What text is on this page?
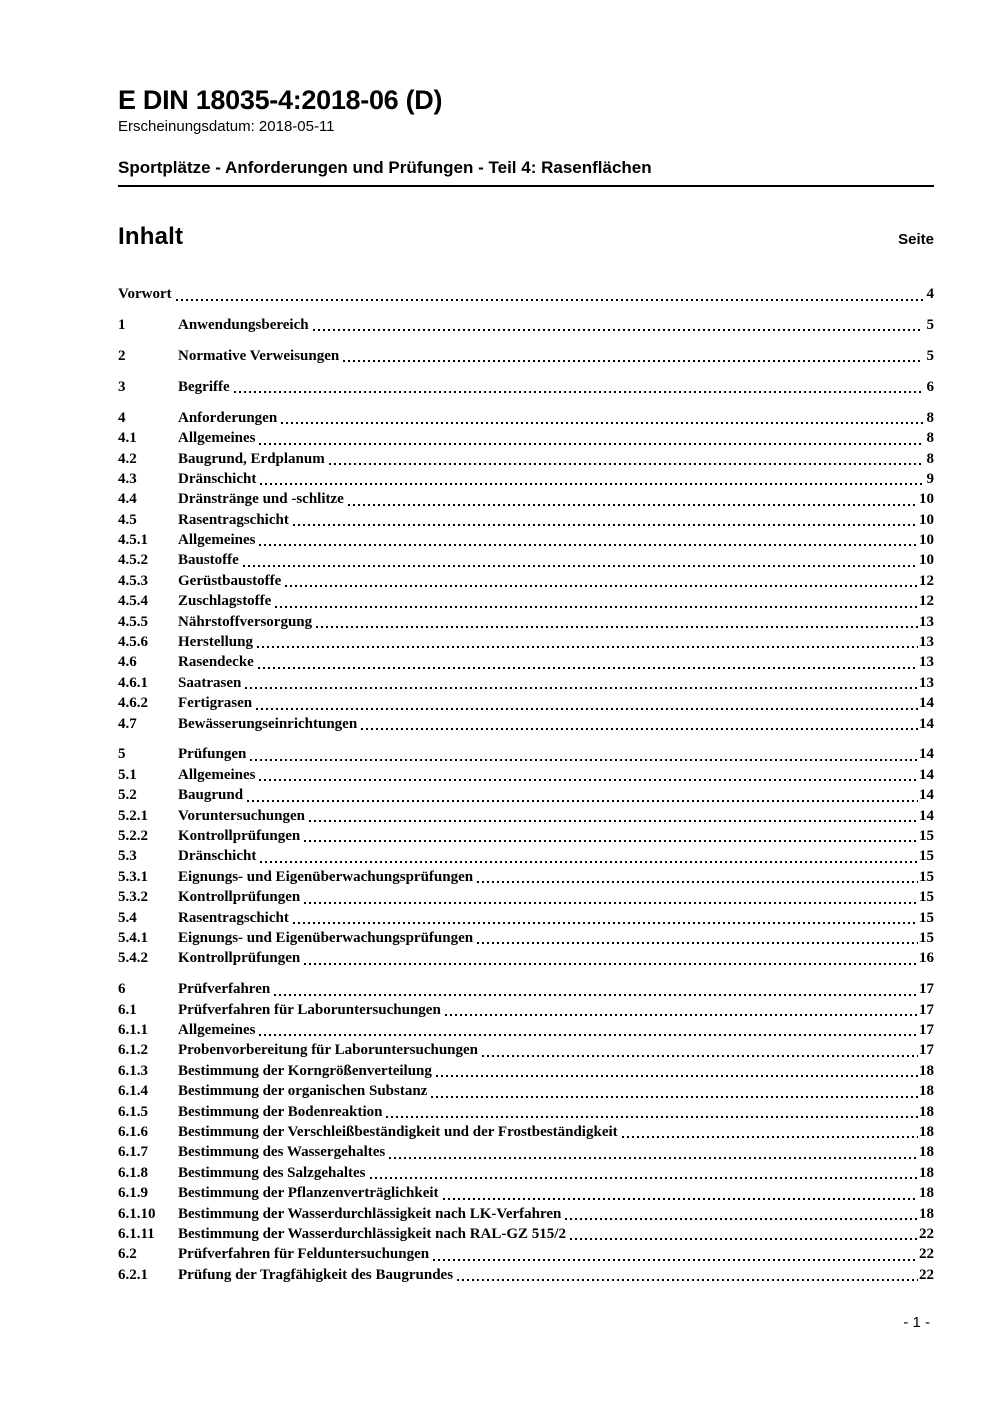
E DIN 18035-4:2018-06 (D)
Erscheinungsdatum: 2018-05-11
Sportplätze - Anforderungen und Prüfungen - Teil 4: Rasenflächen
Inhalt	Seite
Vorwort	4
1	Anwendungsbereich	5
2	Normative Verweisungen	5
3	Begriffe	6
4	Anforderungen	8
4.1	Allgemeines	8
4.2	Baugrund, Erdplanum	8
4.3	Dränschicht	9
4.4	Dränstränge und -schlitze	10
4.5	Rasentragschicht	10
4.5.1	Allgemeines	10
4.5.2	Baustoffe	10
4.5.3	Gerüstbaustoffe	12
4.5.4	Zuschlagstoffe	12
4.5.5	Nährstoffversorgung	13
4.5.6	Herstellung	13
4.6	Rasendecke	13
4.6.1	Saatrasen	13
4.6.2	Fertigrasen	14
4.7	Bewässerungseinrichtungen	14
5	Prüfungen	14
5.1	Allgemeines	14
5.2	Baugrund	14
5.2.1	Voruntersuchungen	14
5.2.2	Kontrollprüfungen	15
5.3	Dränschicht	15
5.3.1	Eignungs- und Eigenüberwachungsprüfungen	15
5.3.2	Kontrollprüfungen	15
5.4	Rasentragschicht	15
5.4.1	Eignungs- und Eigenüberwachungsprüfungen	15
5.4.2	Kontrollprüfungen	16
6	Prüfverfahren	17
6.1	Prüfverfahren für Laboruntersuchungen	17
6.1.1	Allgemeines	17
6.1.2	Probenvorbereitung für Laboruntersuchungen	17
6.1.3	Bestimmung der Korngrößenverteilung	18
6.1.4	Bestimmung der organischen Substanz	18
6.1.5	Bestimmung der Bodenreaktion	18
6.1.6	Bestimmung der Verschleißbeständigkeit und der Frostbeständigkeit	18
6.1.7	Bestimmung des Wassergehaltes	18
6.1.8	Bestimmung des Salzgehaltes	18
6.1.9	Bestimmung der Pflanzenverträglichkeit	18
6.1.10	Bestimmung der Wasserdurchlässigkeit nach LK-Verfahren	18
6.1.11	Bestimmung der Wasserdurchlässigkeit nach RAL-GZ 515/2	22
6.2	Prüfverfahren für Felduntersuchungen	22
6.2.1	Prüfung der Tragfähigkeit des Baugrundes	22
- 1 -
